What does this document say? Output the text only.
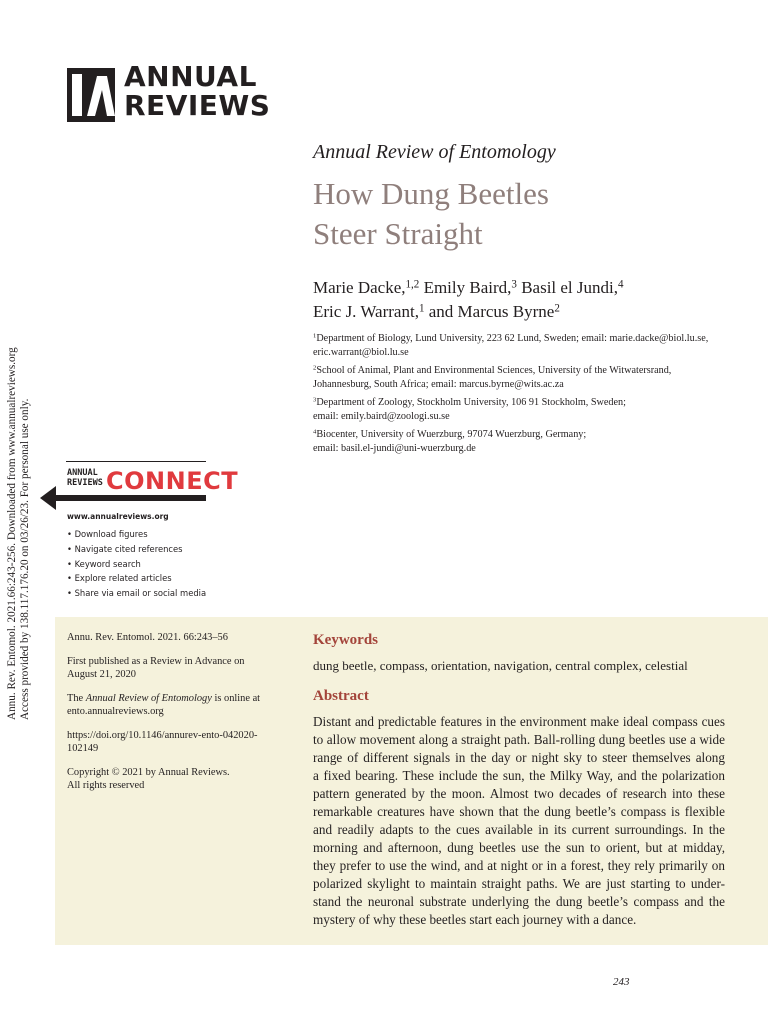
ANNUAL
REVIEWS
Annu. Rev. Entomol. 2021.66:243-256. Downloaded from www.annualreviews.org Access provided by 138.117.176.20 on 03/26/23. For personal use only.
Annual Review of Entomology
How Dung Beetles
Steer Straight
Marie Dacke,$^{1,2}$ Emily Baird,$^3$ Basil el Jundi,$^4$
Eric J. Warrant,$^1$ and Marcus Byrne$^2$
$^1$Department of Biology, Lund University, 223 62 Lund, Sweden; email: marie.dacke@biol.lu.se,
eric.warrant@biol.lu.se
$^2$School of Animal, Plant and Environmental Sciences, University of the Witwatersrand,
Johannesburg, South Africa; email: marcus.byrne@wits.ac.za
$^3$Department of Zoology, Stockholm University, 106 91 Stockholm, Sweden;
email: emily.baird@zoologi.su.se
$^4$Biocenter, University of Wuerzburg, 97074 Wuerzburg, Germany;
email: basil.el-jundi@uni-wuerzburg.de
ANNUAL
REVIEWS CONNECT
www.annualreviews.org
• Download figures
• Navigate cited references
• Keyword search
• Explore related articles
• Share via email or social media

Annu. Rev. Entomol. 2021. 66:243–56

First published as a Review in Advance on
August 21, 2020

The Annual Review of Entomology is online at
ento.annualreviews.org

https://doi.org/10.1146/annurev-ento-042020-
102149

Copyright © 2021 by Annual Reviews.
All rights reserved

Keywords
dung beetle, compass, orientation, navigation, central complex, celestial
Abstract
Distant and predictable features in the environment make ideal compass cues
to allow movement along a straight path. Ball-rolling dung beetles use a wide
range of different signals in the day or night sky to steer themselves along
a fixed bearing. These include the sun, the Milky Way, and the polarization
pattern generated by the moon. Almost two decades of research into these
remarkable creatures have shown that the dung beetle’s compass is flexible
and readily adapts to the cues available in its current surroundings. In the
morning and afternoon, dung beetles use the sun to orient, but at midday,
they prefer to use the wind, and at night or in a forest, they rely primarily on
polarized skylight to maintain straight paths. We are just starting to under-
stand the neuronal substrate underlying the dung beetle’s compass and the
mystery of why these beetles start each journey with a dance.
243
